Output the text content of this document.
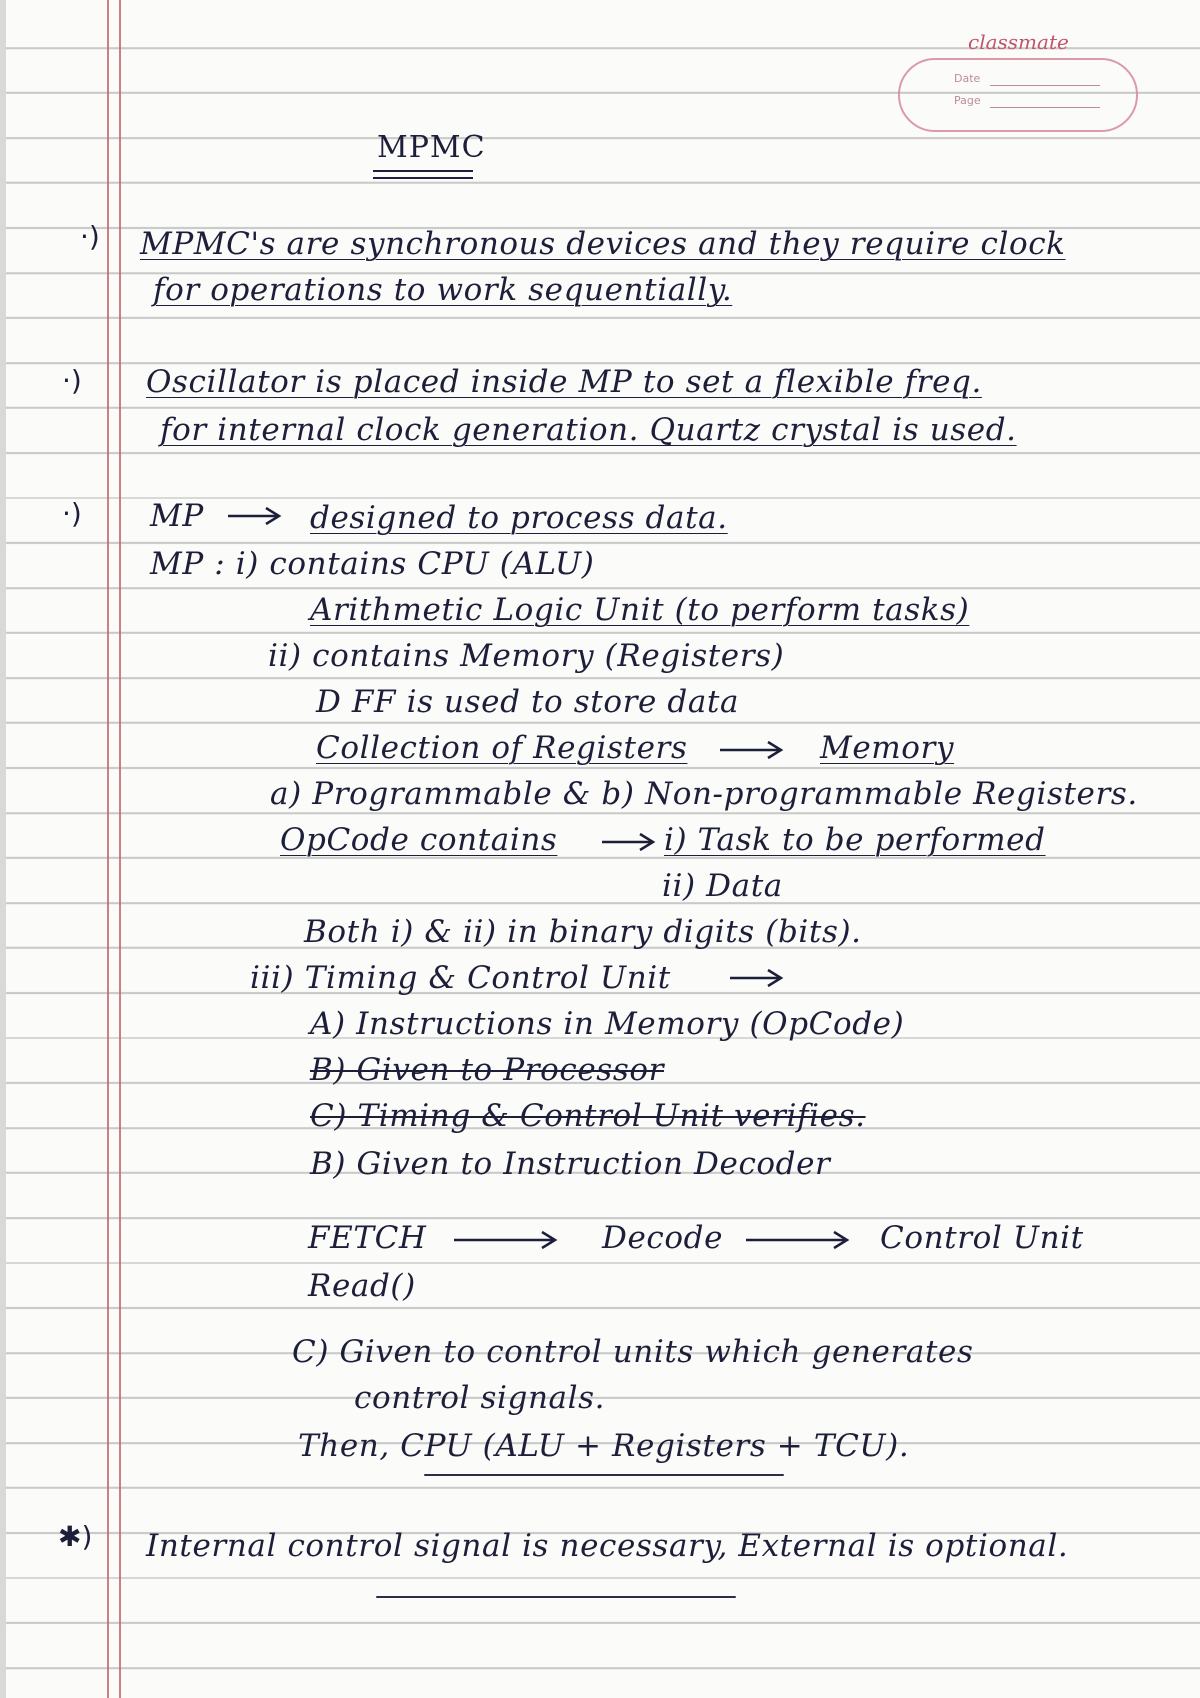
classmate
Date
Page
MPMC
·) MPMC's are synchronous devices and they require clock
for operations to work sequentially.
·) Oscillator is placed inside MP to set a flexible freq.
for internal clock generation. Quartz crystal is used.
·) MP	designed to process data.
MP : i) contains CPU (ALU)
Arithmetic Logic Unit (to perform tasks)
ii) contains Memory (Registers)
D FF is used to store data
Collection of Registers	Memory
a) Programmable & b) Non-programmable Registers.
OpCode contains	i) Task to be performed
ii) Data
Both i) & ii) in binary digits (bits).
iii) Timing & Control Unit
A) Instructions in Memory (OpCode)
B) Given to Processor
C) Timing & Control Unit verifies.
B) Given to Instruction Decoder
FETCH	Decode	Control Unit
Read()
C) Given to control units which generates
control signals.
Then, CPU (ALU + Registers + TCU).
✱) Internal control signal is necessary, External is optional.
